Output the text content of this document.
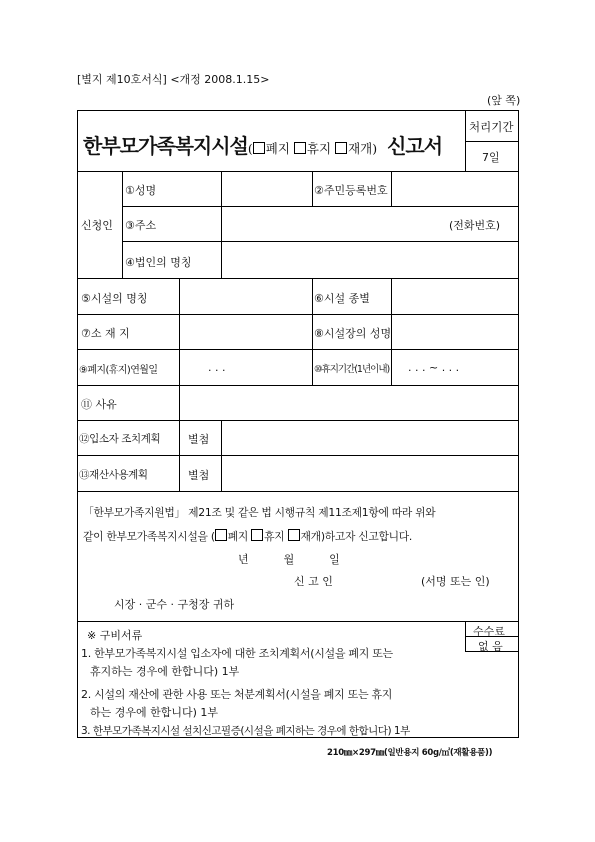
[별지 제10호서식] <개정 2008.1.15>
(앞 쪽)
한부모가족복지시설( 폐지 휴지 재개) 신고서
처리기간
7일
신청인
①성명	②주민등록번호
③주소	(전화번호)
④법인의 명칭
⑤시설의 명칭	⑥시설 종별
⑦소 재 지	⑧시설장의 성명
⑨폐지(휴지)연월일	. . .	⑩휴지기간(1년이내) . . . ~ . . .
⑪ 사유
⑫입소자 조치계획	별첨
⑬재산사용계획	별첨
「한부모가족지원법」 제21조 및 같은 법 시행규칙 제11조제1항에 따라 위와
같이 한부모가족복지시설을 ( 폐지 휴지 재개)하고자 신고합니다.
년          월          일
신 고 인	(서명 또는 인)
시장 · 군수 · 구청장 귀하
※ 구비서류
1. 한부모가족복지시설 입소자에 대한 조치계획서(시설을 폐지 또는
휴지하는 경우에 한합니다) 1부
2. 시설의 재산에 관한 사용 또는 처분계획서(시설을 폐지 또는 휴지
하는 경우에 한합니다) 1부
3. 한부모가족복지시설 설치신고필증(시설을 폐지하는 경우에 한합니다) 1부
수수료
없 음
210㎜×297㎜(일반용지 60g/㎡(재활용품))
